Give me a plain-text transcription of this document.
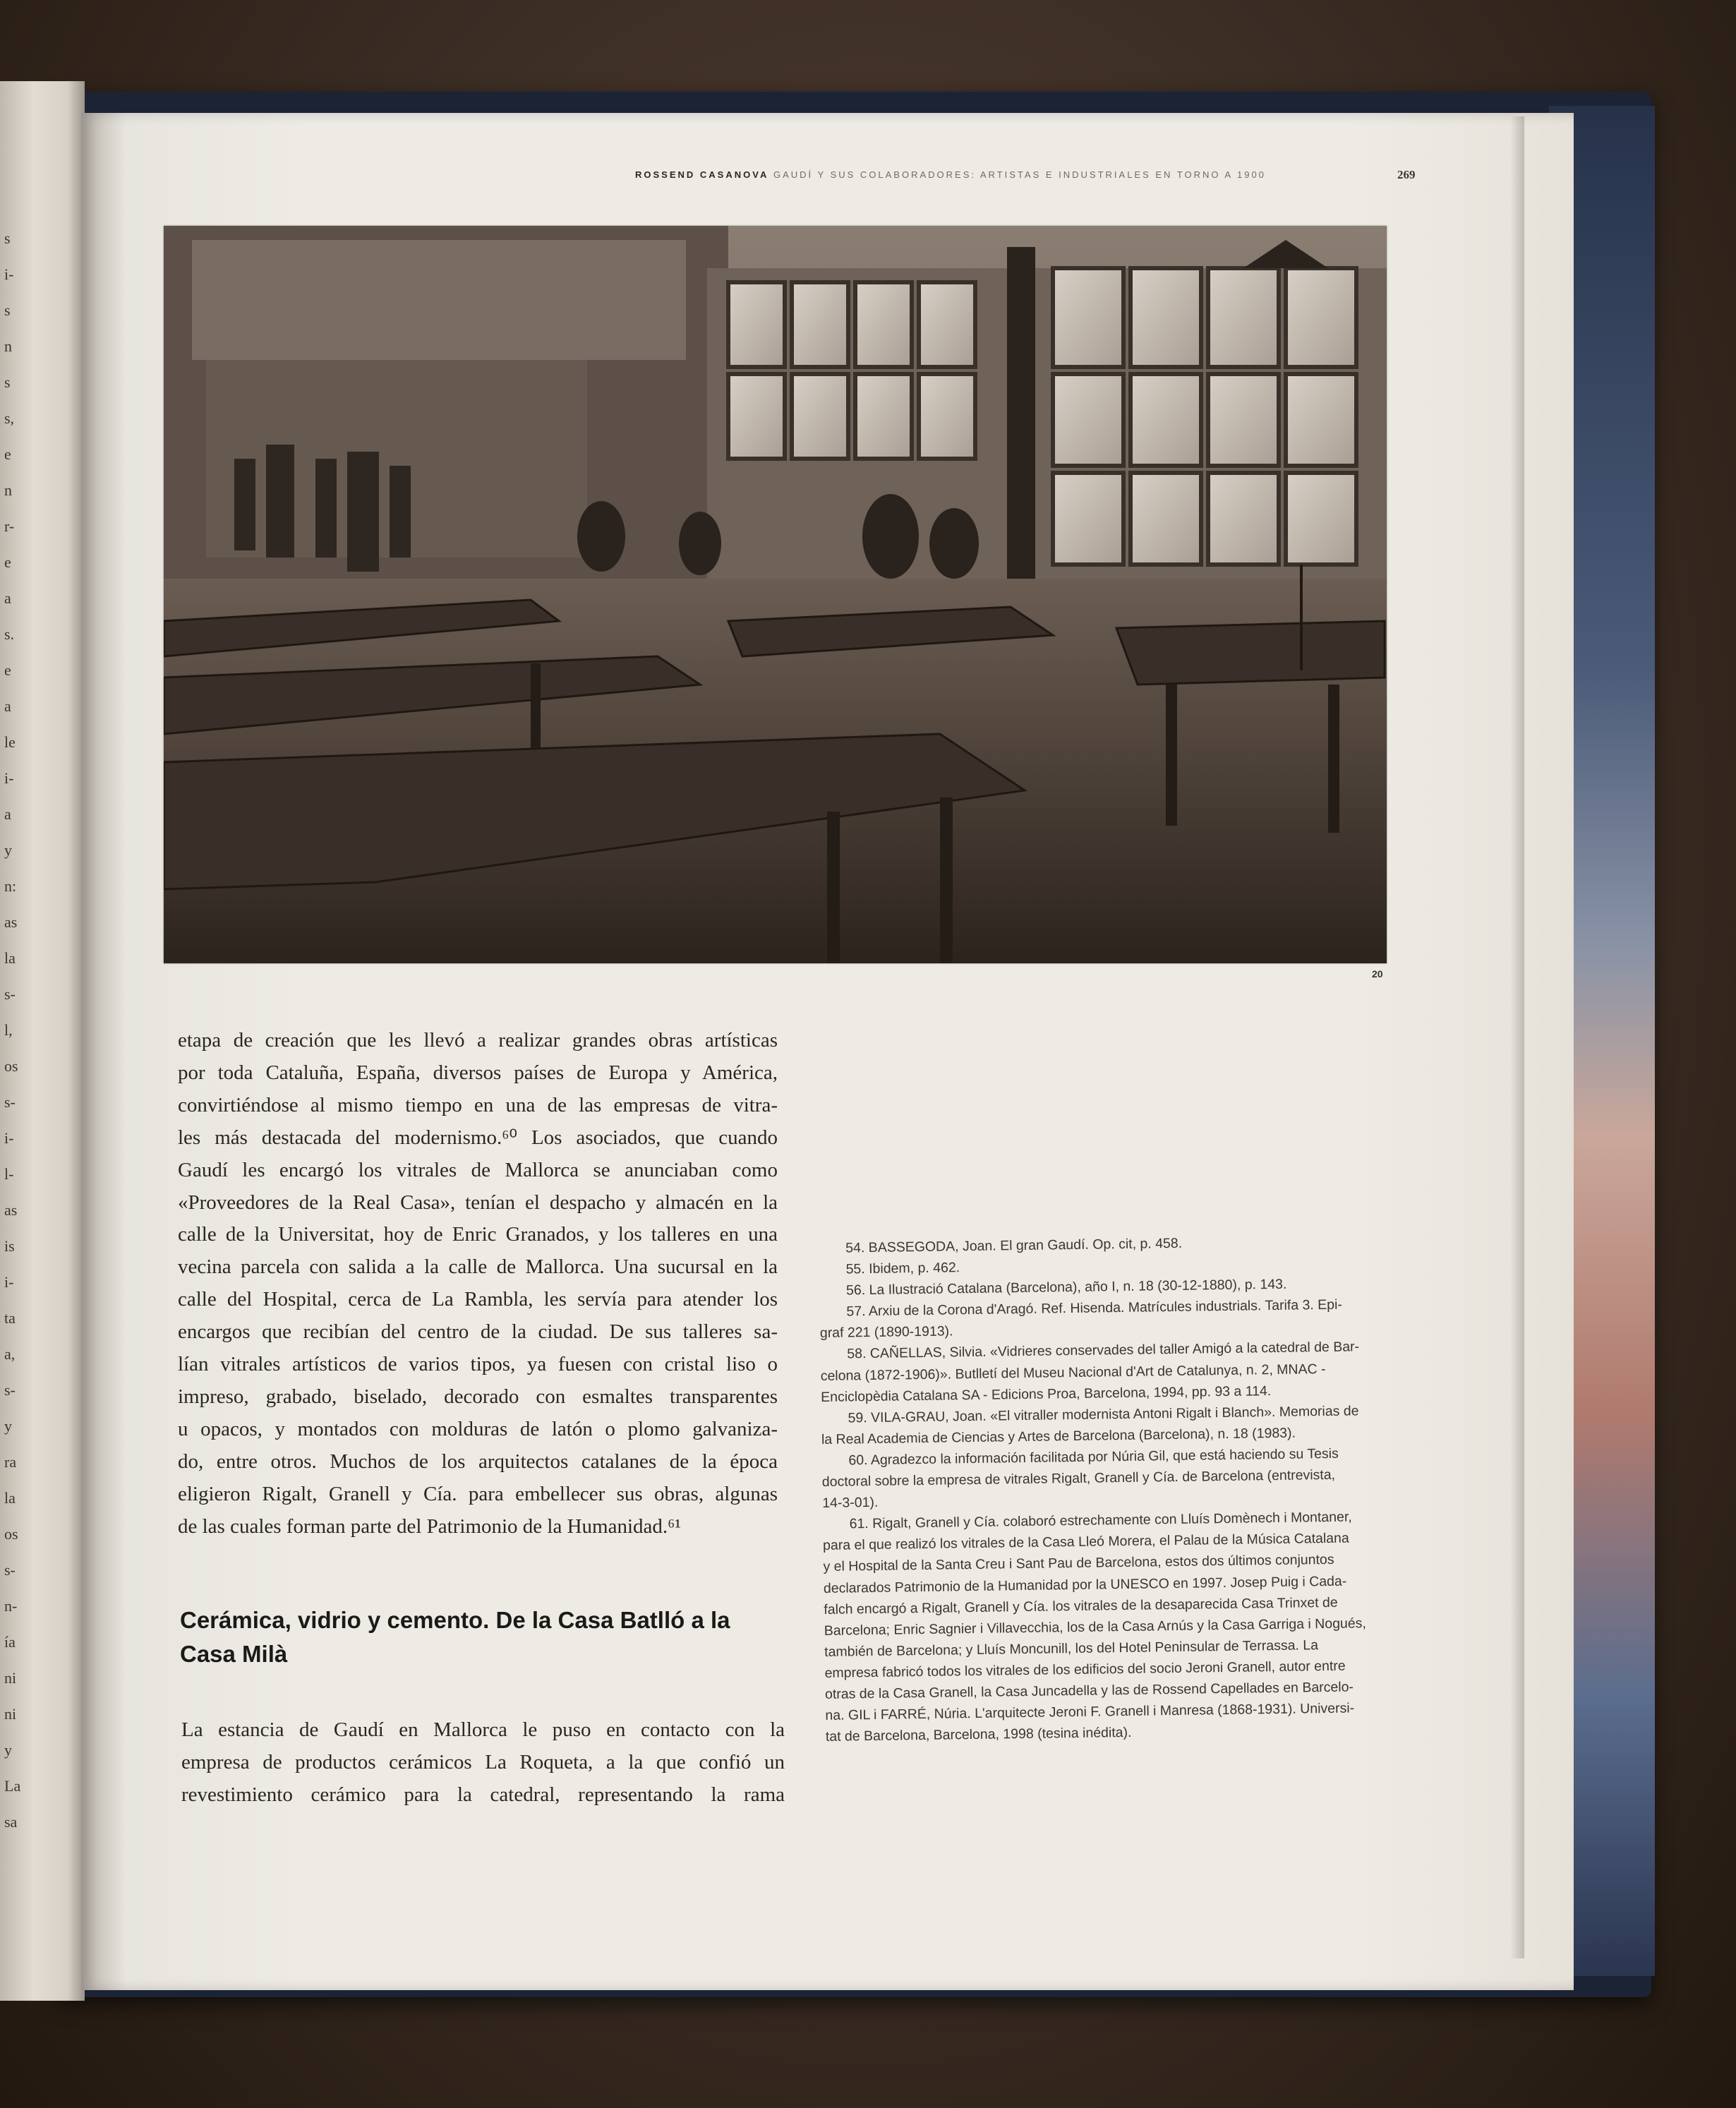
s
i-
s
n
s
s,
e
n
r-
e
a
s.
e
a
le
i-
a
y
n:
as
la
s-
l,
os
s-
i-
l-
as
is
i-
ta
a,
s-
y
ra
la
os
s-
n-
ía
ni
ni
y
La
sa
ROSSEND CASANOVA GAUDÍ Y SUS COLABORADORES: ARTISTAS E INDUSTRIALES EN TORNO A 1900	269
20
etapa de creación que les llevó a realizar grandes obras artísticas
por toda Cataluña, España, diversos países de Europa y América,
convirtiéndose al mismo tiempo en una de las empresas de vitra-
les más destacada del modernismo.⁶⁰ Los asociados, que cuando
Gaudí les encargó los vitrales de Mallorca se anunciaban como
«Proveedores de la Real Casa», tenían el despacho y almacén en la
calle de la Universitat, hoy de Enric Granados, y los talleres en una
vecina parcela con salida a la calle de Mallorca. Una sucursal en la
calle del Hospital, cerca de La Rambla, les servía para atender los
encargos que recibían del centro de la ciudad. De sus talleres sa-
lían vitrales artísticos de varios tipos, ya fuesen con cristal liso o
impreso, grabado, biselado, decorado con esmaltes transparentes
u opacos, y montados con molduras de latón o plomo galvaniza-
do, entre otros. Muchos de los arquitectos catalanes de la época
eligieron Rigalt, Granell y Cía. para embellecer sus obras, algunas
de las cuales forman parte del Patrimonio de la Humanidad.⁶¹
Cerámica, vidrio y cemento. De la Casa Batlló a la Casa Milà
La estancia de Gaudí en Mallorca le puso en contacto con la
empresa de productos cerámicos La Roqueta, a la que confió un
revestimiento cerámico para la catedral, representando la rama
54. BASSEGODA, Joan. El gran Gaudí. Op. cit, p. 458.
55. Ibidem, p. 462.
56. La Ilustració Catalana (Barcelona), año I, n. 18 (30-12-1880), p. 143.
57. Arxiu de la Corona d'Aragó. Ref. Hisenda. Matrícules industrials. Tarifa 3. Epi-
graf 221 (1890-1913).
58. CAÑELLAS, Silvia. «Vidrieres conservades del taller Amigó a la catedral de Bar-
celona (1872-1906)». Butlletí del Museu Nacional d'Art de Catalunya, n. 2, MNAC -
Enciclopèdia Catalana SA - Edicions Proa, Barcelona, 1994, pp. 93 a 114.
59. VILA-GRAU, Joan. «El vitraller modernista Antoni Rigalt i Blanch». Memorias de
la Real Academia de Ciencias y Artes de Barcelona (Barcelona), n. 18 (1983).
60. Agradezco la información facilitada por Núria Gil, que está haciendo su Tesis
doctoral sobre la empresa de vitrales Rigalt, Granell y Cía. de Barcelona (entrevista,
14-3-01).
61. Rigalt, Granell y Cía. colaboró estrechamente con Lluís Domènech i Montaner,
para el que realizó los vitrales de la Casa Lleó Morera, el Palau de la Música Catalana
y el Hospital de la Santa Creu i Sant Pau de Barcelona, estos dos últimos conjuntos
declarados Patrimonio de la Humanidad por la UNESCO en 1997. Josep Puig i Cada-
falch encargó a Rigalt, Granell y Cía. los vitrales de la desaparecida Casa Trinxet de
Barcelona; Enric Sagnier i Villavecchia, los de la Casa Arnús y la Casa Garriga i Nogués,
también de Barcelona; y Lluís Moncunill, los del Hotel Peninsular de Terrassa. La
empresa fabricó todos los vitrales de los edificios del socio Jeroni Granell, autor entre
otras de la Casa Granell, la Casa Juncadella y las de Rossend Capellades en Barcelo-
na. GIL i FARRÉ, Núria. L'arquitecte Jeroni F. Granell i Manresa (1868-1931). Universi-
tat de Barcelona, Barcelona, 1998 (tesina inédita).
